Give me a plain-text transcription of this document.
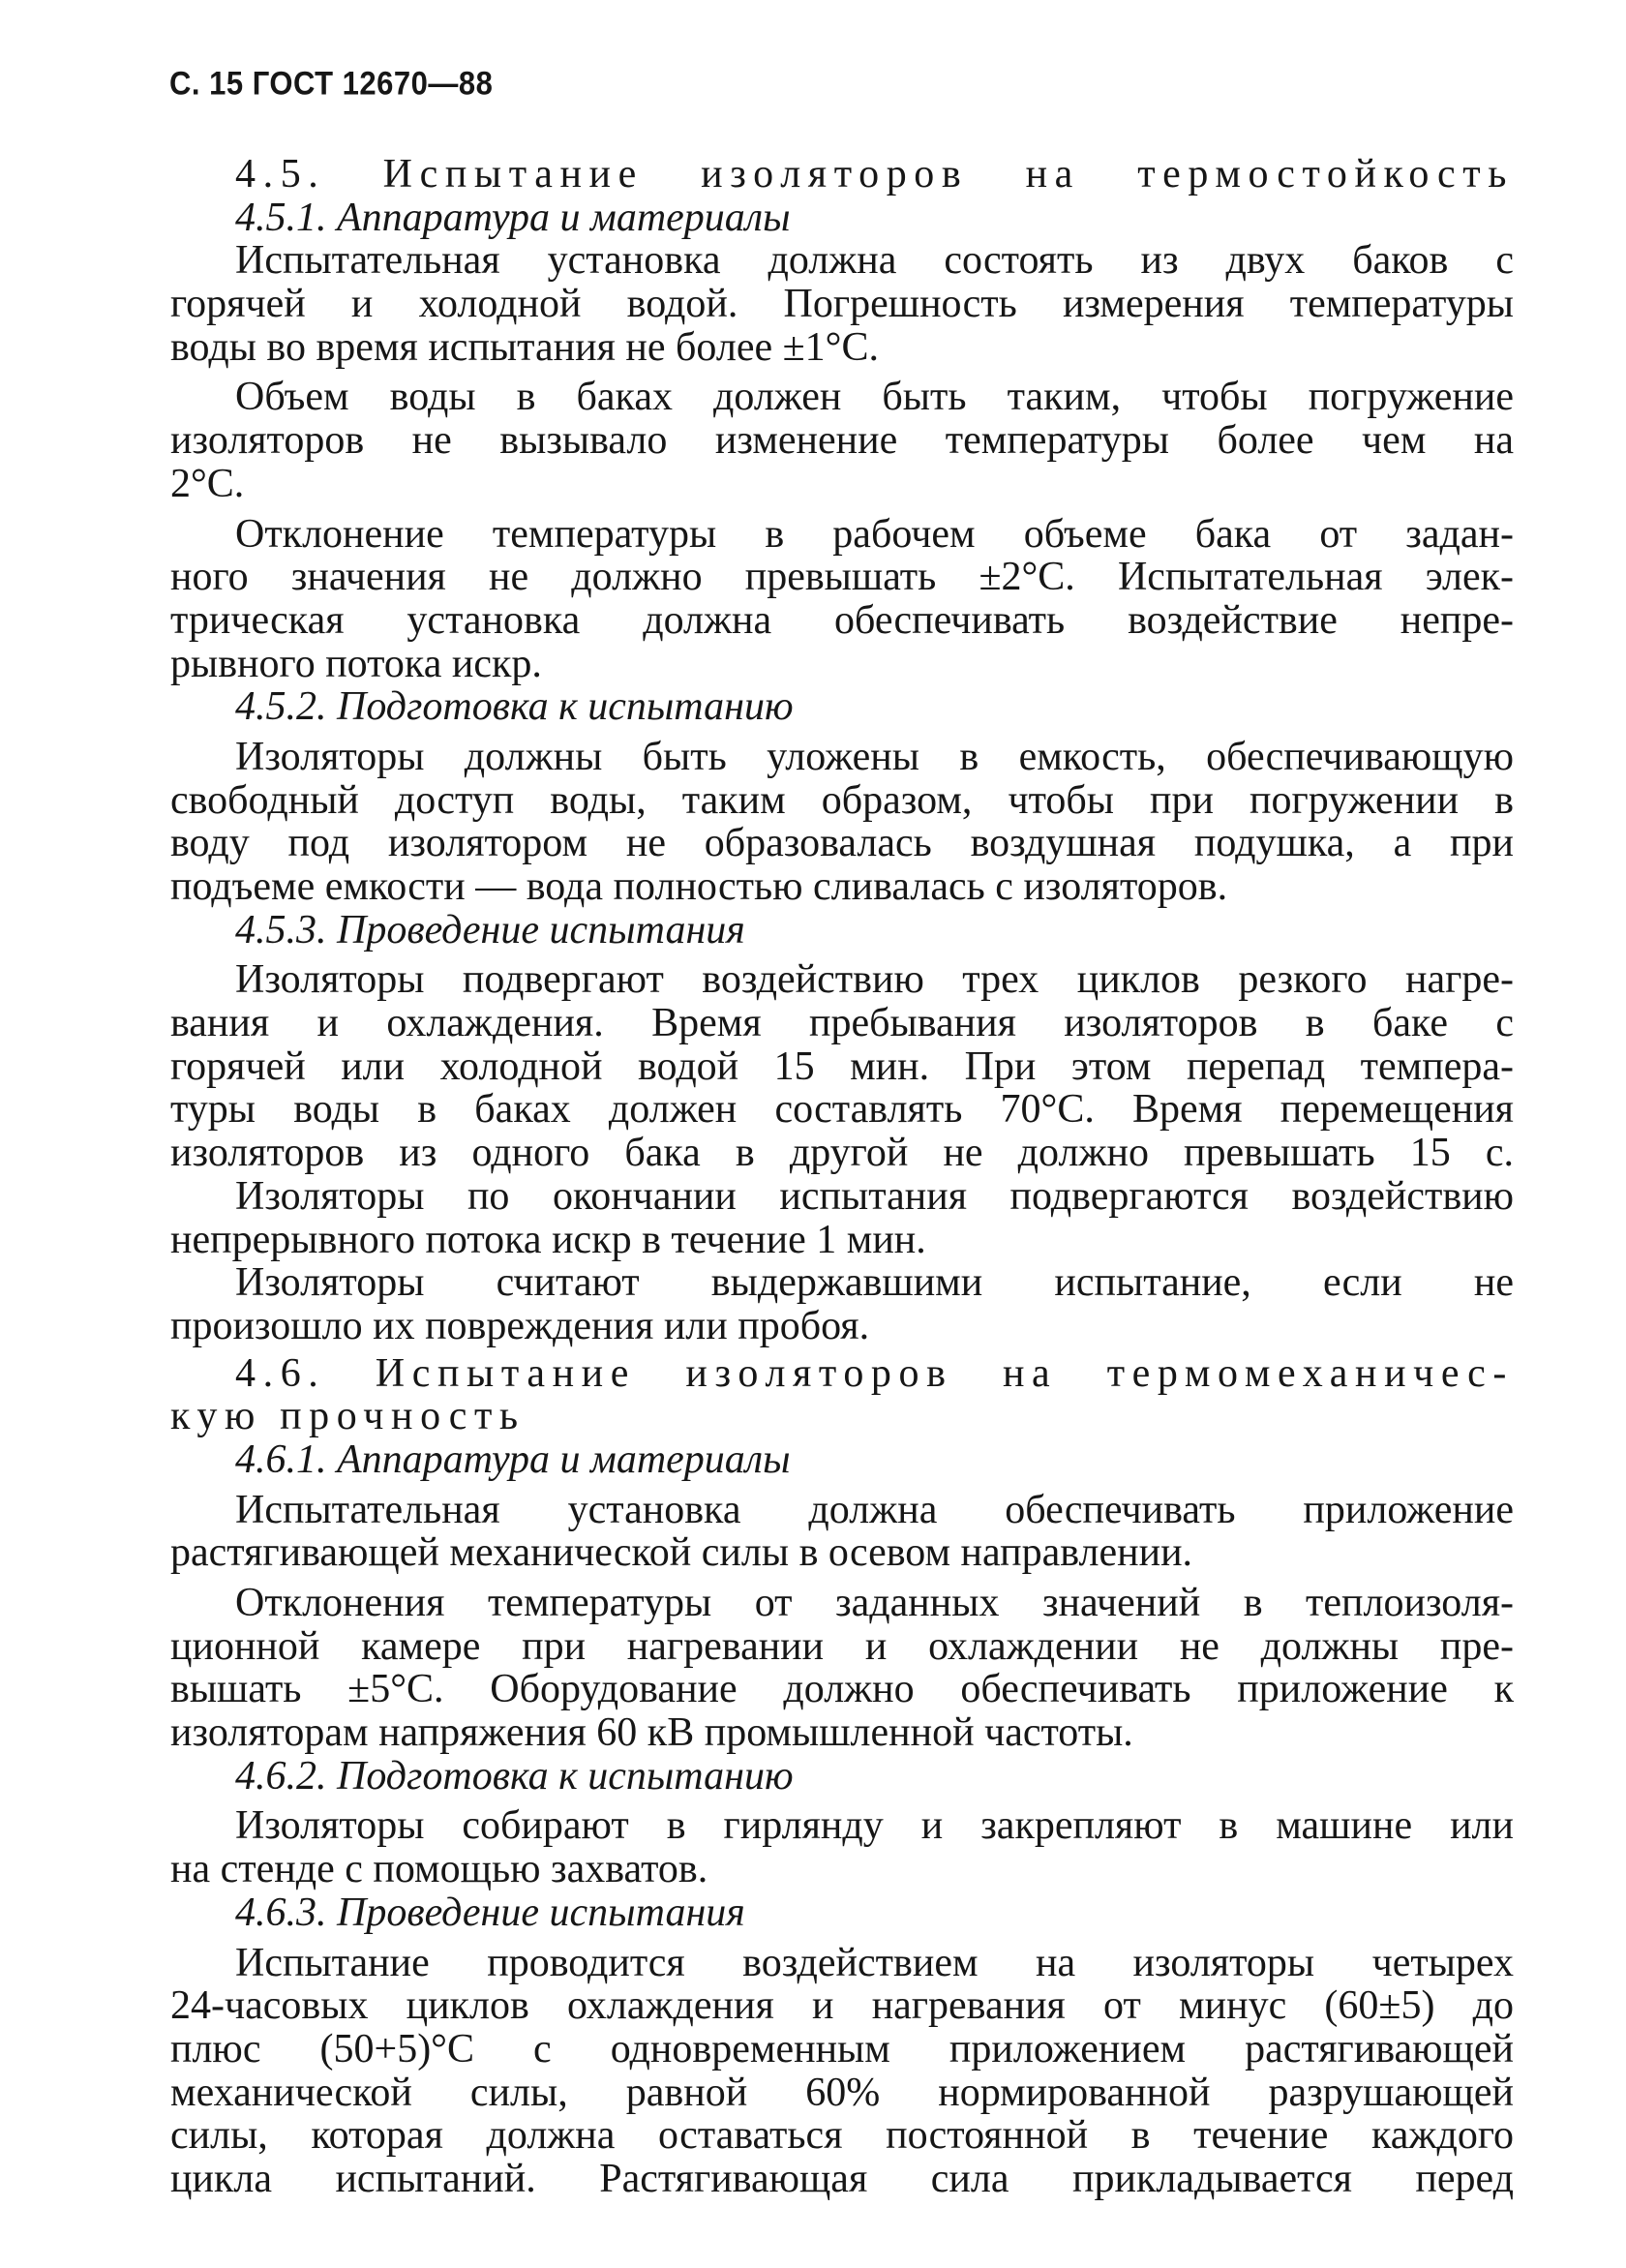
С. 15 ГОСТ 12670—88
4.5. Испытание изоляторов на термостойкость
4.5.1. Аппаратура и материалы
Испытательная установка должна состоять из двух баков с
горячей и холодной водой. Погрешность измерения температуры
воды во время испытания не более ±1°С.
Объем воды в баках должен быть таким, чтобы погружение
изоляторов не вызывало изменение температуры более чем на
2°С.
Отклонение температуры в рабочем объеме бака от задан-
ного значения не должно превышать ±2°С. Испытательная элек-
трическая установка должна обеспечивать воздействие непре-
рывного потока искр.
4.5.2. Подготовка к испытанию
Изоляторы должны быть уложены в емкость, обеспечивающую
свободный доступ воды, таким образом, чтобы при погружении в
воду под изолятором не образовалась воздушная подушка, а при
подъеме емкости — вода полностью сливалась с изоляторов.
4.5.3. Проведение испытания
Изоляторы подвергают воздействию трех циклов резкого нагре-
вания и охлаждения. Время пребывания изоляторов в баке с
горячей или холодной водой 15 мин. При этом перепад темпера-
туры воды в баках должен составлять 70°С. Время перемещения
изоляторов из одного бака в другой не должно превышать 15 с.
Изоляторы по окончании испытания подвергаются воздействию
непрерывного потока искр в течение 1 мин.
Изоляторы считают выдержавшими испытание, если не
произошло их повреждения или пробоя.
4.6. Испытание изоляторов на термомеханичес-
кую прочность
4.6.1. Аппаратура и материалы
Испытательная установка должна обеспечивать приложение
растягивающей механической силы в осевом направлении.
Отклонения температуры от заданных значений в теплоизоля-
ционной камере при нагревании и охлаждении не должны пре-
вышать ±5°С. Оборудование должно обеспечивать приложение к
изоляторам напряжения 60 кВ промышленной частоты.
4.6.2. Подготовка к испытанию
Изоляторы собирают в гирлянду и закрепляют в машине или
на стенде с помощью захватов.
4.6.3. Проведение испытания
Испытание проводится воздействием на изоляторы четырех
24-часовых циклов охлаждения и нагревания от минус (60±5) до
плюс (50+5)°С с одновременным приложением растягивающей
механической силы, равной 60% нормированной разрушающей
силы, которая должна оставаться постоянной в течение каждого
цикла испытаний. Растягивающая сила прикладывается перед
